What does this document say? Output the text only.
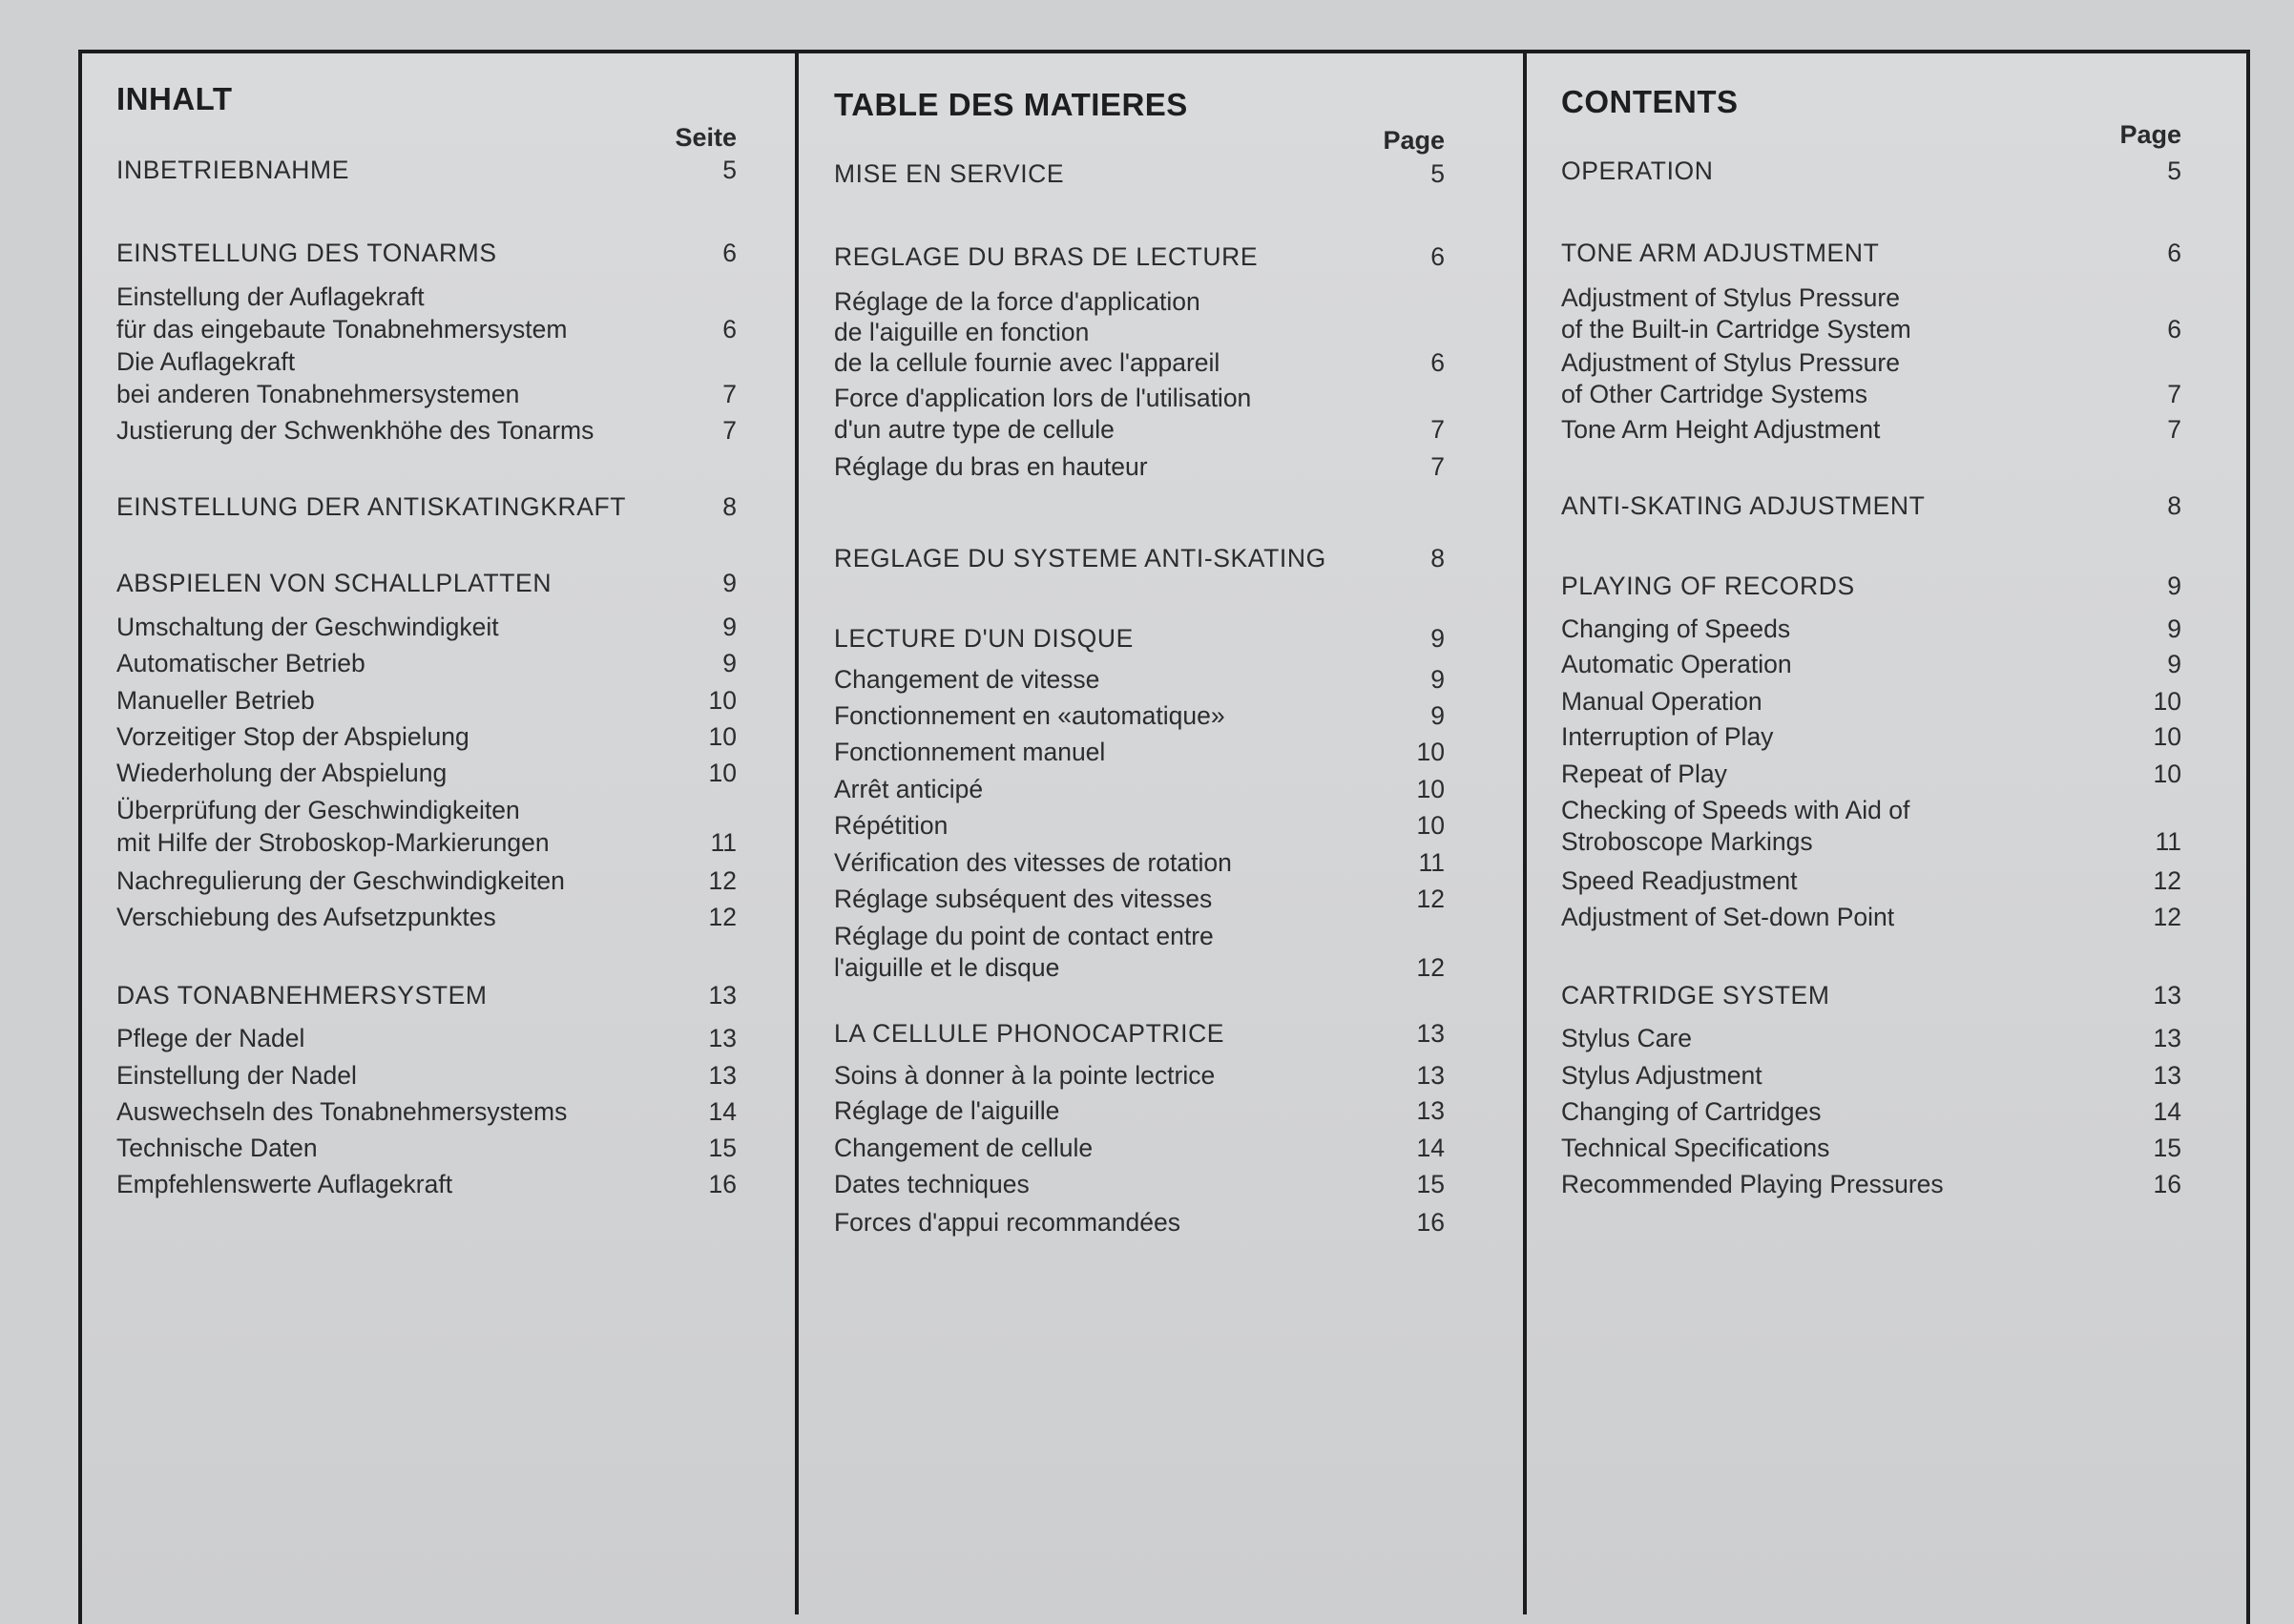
INHALT
Seite
INBETRIEBNAHME	5
EINSTELLUNG DES TONARMS	6
Einstellung der Auflagekraft
für das eingebaute Tonabnehmersystem	6
Die Auflagekraft
bei anderen Tonabnehmersystemen	7
Justierung der Schwenkhöhe des Tonarms	7
EINSTELLUNG DER ANTISKATINGKRAFT	8
ABSPIELEN VON SCHALLPLATTEN	9
Umschaltung der Geschwindigkeit	9
Automatischer Betrieb	9
Manueller Betrieb	10
Vorzeitiger Stop der Abspielung	10
Wiederholung der Abspielung	10
Überprüfung der Geschwindigkeiten
mit Hilfe der Stroboskop-Markierungen	11
Nachregulierung der Geschwindigkeiten	12
Verschiebung des Aufsetzpunktes	12
DAS TONABNEHMERSYSTEM	13
Pflege der Nadel	13
Einstellung der Nadel	13
Auswechseln des Tonabnehmersystems	14
Technische Daten	15
Empfehlenswerte Auflagekraft	16
TABLE DES MATIERES
Page
MISE EN SERVICE	5
REGLAGE DU BRAS DE LECTURE	6
Réglage de la force d'application
de l'aiguille en fonction
de la cellule fournie avec l'appareil	6
Force d'application lors de l'utilisation
d'un autre type de cellule	7
Réglage du bras en hauteur	7
REGLAGE DU SYSTEME ANTI-SKATING	8
LECTURE D'UN DISQUE	9
Changement de vitesse	9
Fonctionnement en «automatique»	9
Fonctionnement manuel	10
Arrêt anticipé	10
Répétition	10
Vérification des vitesses de rotation	11
Réglage subséquent des vitesses	12
Réglage du point de contact entre
l'aiguille et le disque	12
LA CELLULE PHONOCAPTRICE	13
Soins à donner à la pointe lectrice	13
Réglage de l'aiguille	13
Changement de cellule	14
Dates techniques	15
Forces d'appui recommandées	16
CONTENTS
Page
OPERATION	5
TONE ARM ADJUSTMENT	6
Adjustment of Stylus Pressure
of the Built-in Cartridge System	6
Adjustment of Stylus Pressure
of Other Cartridge Systems	7
Tone Arm Height Adjustment	7
ANTI-SKATING ADJUSTMENT	8
PLAYING OF RECORDS	9
Changing of Speeds	9
Automatic Operation	9
Manual Operation	10
Interruption of Play	10
Repeat of Play	10
Checking of Speeds with Aid of
Stroboscope Markings	11
Speed Readjustment	12
Adjustment of Set-down Point	12
CARTRIDGE SYSTEM	13
Stylus Care	13
Stylus Adjustment	13
Changing of Cartridges	14
Technical Specifications	15
Recommended Playing Pressures	16
